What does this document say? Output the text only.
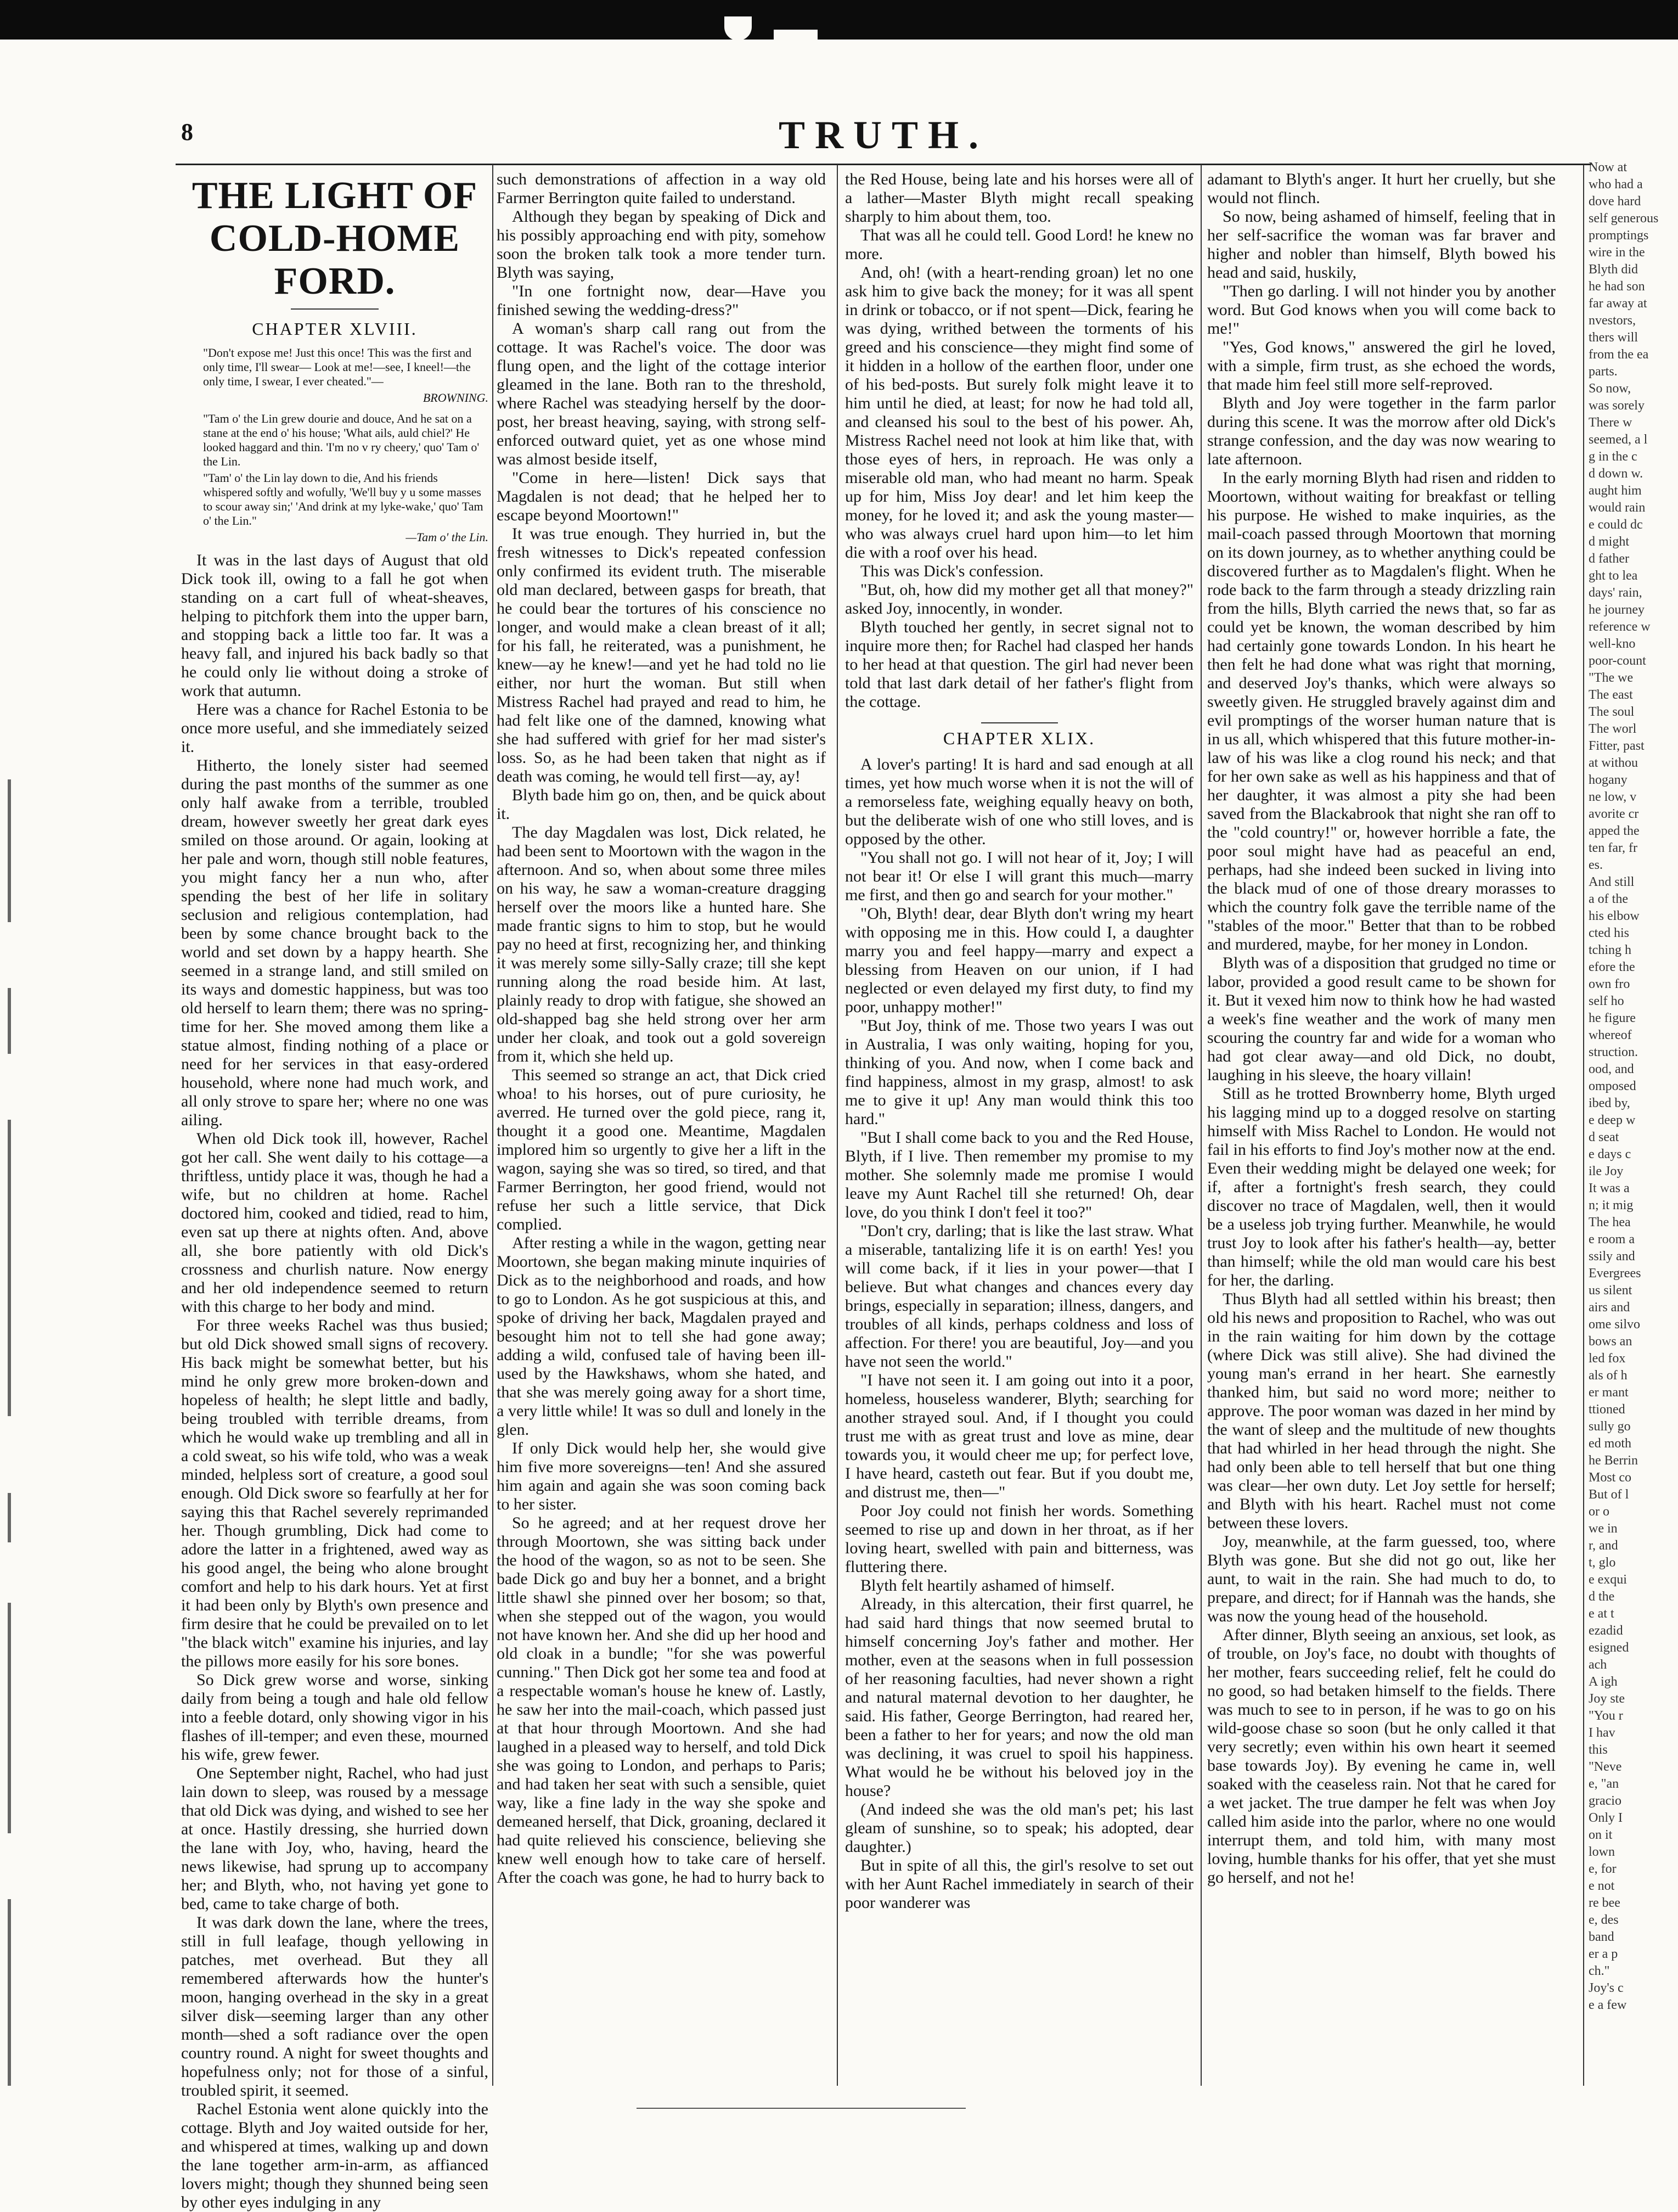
8	TRUTH.
THE LIGHT OF COLD-HOME FORD.
CHAPTER XLVIII.
"Don't expose me! Just this once! This was the first and only time, I'll swear— Look at me!—see, I kneel!—the only time, I swear, I ever cheated."—
BROWNING.
"Tam o' the Lin grew dourie and douce, And he sat on a stane at the end o' his house; 'What ails, auld chiel?' He looked haggard and thin. 'I'm no v ry cheery,' quo' Tam o' the Lin.
"Tam' o' the Lin lay down to die, And his friends whispered softly and wofully, 'We'll buy y u some masses to scour away sin;' 'And drink at my lyke-wake,' quo' Tam o' the Lin."
—Tam o' the Lin.

It was in the last days of August that old Dick took ill, owing to a fall he got when standing on a cart full of wheat-sheaves, helping to pitchfork them into the upper barn, and stopping back a little too far. It was a heavy fall, and injured his back badly so that he could only lie without doing a stroke of work that autumn.

Here was a chance for Rachel Estonia to be once more useful, and she immediately seized it.

Hitherto, the lonely sister had seemed during the past months of the summer as one only half awake from a terrible, troubled dream, however sweetly her great dark eyes smiled on those around. Or again, looking at her pale and worn, though still noble features, you might fancy her a nun who, after spending the best of her life in solitary seclusion and religious contemplation, had been by some chance brought back to the world and set down by a happy hearth. She seemed in a strange land, and still smiled on its ways and domestic happiness, but was too old herself to learn them; there was no spring-time for her. She moved among them like a statue almost, finding nothing of a place or need for her services in that easy-ordered household, where none had much work, and all only strove to spare her; where no one was ailing.

When old Dick took ill, however, Rachel got her call. She went daily to his cottage—a thriftless, untidy place it was, though he had a wife, but no children at home. Rachel doctored him, cooked and tidied, read to him, even sat up there at nights often. And, above all, she bore patiently with old Dick's crossness and churlish nature. Now energy and her old independence seemed to return with this charge to her body and mind.

For three weeks Rachel was thus busied; but old Dick showed small signs of recovery. His back might be somewhat better, but his mind he only grew more broken-down and hopeless of health; he slept little and badly, being troubled with terrible dreams, from which he would wake up trembling and all in a cold sweat, so his wife told, who was a weak minded, helpless sort of creature, a good soul enough. Old Dick swore so fearfully at her for saying this that Rachel severely reprimanded her. Though grumbling, Dick had come to adore the latter in a frightened, awed way as his good angel, the being who alone brought comfort and help to his dark hours. Yet at first it had been only by Blyth's own presence and firm desire that he could be prevailed on to let "the black witch" examine his injuries, and lay the pillows more easily for his sore bones.

So Dick grew worse and worse, sinking daily from being a tough and hale old fellow into a feeble dotard, only showing vigor in his flashes of ill-temper; and even these, mourned his wife, grew fewer.

One September night, Rachel, who had just lain down to sleep, was roused by a message that old Dick was dying, and wished to see her at once. Hastily dressing, she hurried down the lane with Joy, who, having, heard the news likewise, had sprung up to accompany her; and Blyth, who, not having yet gone to bed, came to take charge of both.

It was dark down the lane, where the trees, still in full leafage, though yellowing in patches, met overhead. But they all remembered afterwards how the hunter's moon, hanging overhead in the sky in a great silver disk—seeming larger than any other month—shed a soft radiance over the open country round. A night for sweet thoughts and hopefulness only; not for those of a sinful, troubled spirit, it seemed.

Rachel Estonia went alone quickly into the cottage. Blyth and Joy waited outside for her, and whispered at times, walking up and down the lane together arm-in-arm, as affianced lovers might; though they shunned being seen by other eyes indulging in any

such demonstrations of affection in a way old Farmer Berrington quite failed to understand.

Although they began by speaking of Dick and his possibly approaching end with pity, somehow soon the broken talk took a more tender turn. Blyth was saying,

"In one fortnight now, dear—Have you finished sewing the wedding-dress?"

A woman's sharp call rang out from the cottage. It was Rachel's voice. The door was flung open, and the light of the cottage interior gleamed in the lane. Both ran to the threshold, where Rachel was steadying herself by the door-post, her breast heaving, saying, with strong self-enforced outward quiet, yet as one whose mind was almost beside itself,

"Come in here—listen! Dick says that Magdalen is not dead; that he helped her to escape beyond Moortown!"

It was true enough. They hurried in, but the fresh witnesses to Dick's repeated confession only confirmed its evident truth. The miserable old man declared, between gasps for breath, that he could bear the tortures of his conscience no longer, and would make a clean breast of it all; for his fall, he reiterated, was a punishment, he knew—ay he knew!—and yet he had told no lie either, nor hurt the woman. But still when Mistress Rachel had prayed and read to him, he had felt like one of the damned, knowing what she had suffered with grief for her mad sister's loss. So, as he had been taken that night as if death was coming, he would tell first—ay, ay!

Blyth bade him go on, then, and be quick about it.

The day Magdalen was lost, Dick related, he had been sent to Moortown with the wagon in the afternoon. And so, when about some three miles on his way, he saw a woman-creature dragging herself over the moors like a hunted hare. She made frantic signs to him to stop, but he would pay no heed at first, recognizing her, and thinking it was merely some silly-Sally craze; till she kept running along the road beside him. At last, plainly ready to drop with fatigue, she showed an old-shapped bag she held strong over her arm under her cloak, and took out a gold sovereign from it, which she held up.

This seemed so strange an act, that Dick cried whoa! to his horses, out of pure curiosity, he averred. He turned over the gold piece, rang it, thought it a good one. Meantime, Magdalen implored him so urgently to give her a lift in the wagon, saying she was so tired, so tired, and that Farmer Berrington, her good friend, would not refuse her such a little service, that Dick complied.

After resting a while in the wagon, getting near Moortown, she began making minute inquiries of Dick as to the neighborhood and roads, and how to go to London. As he got suspicious at this, and spoke of driving her back, Magdalen prayed and besought him not to tell she had gone away; adding a wild, confused tale of having been ill-used by the Hawkshaws, whom she hated, and that she was merely going away for a short time, a very little while! It was so dull and lonely in the glen.

If only Dick would help her, she would give him five more sovereigns—ten! And she assured him again and again she was soon coming back to her sister.

So he agreed; and at her request drove her through Moortown, she was sitting back under the hood of the wagon, so as not to be seen. She bade Dick go and buy her a bonnet, and a bright little shawl she pinned over her bosom; so that, when she stepped out of the wagon, you would not have known her. And she did up her hood and old cloak in a bundle; "for she was powerful cunning." Then Dick got her some tea and food at a respectable woman's house he knew of. Lastly, he saw her into the mail-coach, which passed just at that hour through Moortown. And she had laughed in a pleased way to herself, and told Dick she was going to London, and perhaps to Paris; and had taken her seat with such a sensible, quiet way, like a fine lady in the way she spoke and demeaned herself, that Dick, groaning, declared it had quite relieved his conscience, believing she knew well enough how to take care of herself. After the coach was gone, he had to hurry back to

the Red House, being late and his horses were all of a lather—Master Blyth might recall speaking sharply to him about them, too.

That was all he could tell. Good Lord! he knew no more.

And, oh! (with a heart-rending groan) let no one ask him to give back the money; for it was all spent in drink or tobacco, or if not spent—Dick, fearing he was dying, writhed between the torments of his greed and his conscience—they might find some of it hidden in a hollow of the earthen floor, under one of his bed-posts. But surely folk might leave it to him until he died, at least; for now he had told all, and cleansed his soul to the best of his power. Ah, Mistress Rachel need not look at him like that, with those eyes of hers, in reproach. He was only a miserable old man, who had meant no harm. Speak up for him, Miss Joy dear! and let him keep the money, for he loved it; and ask the young master—who was always cruel hard upon him—to let him die with a roof over his head.

This was Dick's confession.

"But, oh, how did my mother get all that money?" asked Joy, innocently, in wonder.

Blyth touched her gently, in secret signal not to inquire more then; for Rachel had clasped her hands to her head at that question. The girl had never been told that last dark detail of her father's flight from the cottage.

CHAPTER XLIX.

A lover's parting! It is hard and sad enough at all times, yet how much worse when it is not the will of a remorseless fate, weighing equally heavy on both, but the deliberate wish of one who still loves, and is opposed by the other.

"You shall not go. I will not hear of it, Joy; I will not bear it! Or else I will grant this much—marry me first, and then go and search for your mother."

"Oh, Blyth! dear, dear Blyth don't wring my heart with opposing me in this. How could I, a daughter marry you and feel happy—marry and expect a blessing from Heaven on our union, if I had neglected or even delayed my first duty, to find my poor, unhappy mother!"

"But Joy, think of me. Those two years I was out in Australia, I was only waiting, hoping for you, thinking of you. And now, when I come back and find happiness, almost in my grasp, almost! to ask me to give it up! Any man would think this too hard."

"But I shall come back to you and the Red House, Blyth, if I live. Then remember my promise to my mother. She solemnly made me promise I would leave my Aunt Rachel till she returned! Oh, dear love, do you think I don't feel it too?"

"Don't cry, darling; that is like the last straw. What a miserable, tantalizing life it is on earth! Yes! you will come back, if it lies in your power—that I believe. But what changes and chances every day brings, especially in separation; illness, dangers, and troubles of all kinds, perhaps coldness and loss of affection. For there! you are beautiful, Joy—and you have not seen the world."

"I have not seen it. I am going out into it a poor, homeless, houseless wanderer, Blyth; searching for another strayed soul. And, if I thought you could trust me with as great trust and love as mine, dear towards you, it would cheer me up; for perfect love, I have heard, casteth out fear. But if you doubt me, and distrust me, then—"

Poor Joy could not finish her words. Something seemed to rise up and down in her throat, as if her loving heart, swelled with pain and bitterness, was fluttering there.

Blyth felt heartily ashamed of himself.

Already, in this altercation, their first quarrel, he had said hard things that now seemed brutal to himself concerning Joy's father and mother. Her mother, even at the seasons when in full possession of her reasoning faculties, had never shown a right and natural maternal devotion to her daughter, he said. His father, George Berrington, had reared her, been a father to her for years; and now the old man was declining, it was cruel to spoil his happiness. What would he be without his beloved joy in the house?

(And indeed she was the old man's pet; his last gleam of sunshine, so to speak; his adopted, dear daughter.)

But in spite of all this, the girl's resolve to set out with her Aunt Rachel immediately in search of their poor wanderer was

adamant to Blyth's anger. It hurt her cruelly, but she would not flinch.

So now, being ashamed of himself, feeling that in her self-sacrifice the woman was far braver and higher and nobler than himself, Blyth bowed his head and said, huskily,

"Then go darling. I will not hinder you by another word. But God knows when you will come back to me!"

"Yes, God knows," answered the girl he loved, with a simple, firm trust, as she echoed the words, that made him feel still more self-reproved.

Blyth and Joy were together in the farm parlor during this scene. It was the morrow after old Dick's strange confession, and the day was now wearing to late afternoon.

In the early morning Blyth had risen and ridden to Moortown, without waiting for breakfast or telling his purpose. He wished to make inquiries, as the mail-coach passed through Moortown that morning on its down journey, as to whether anything could be discovered further as to Magdalen's flight. When he rode back to the farm through a steady drizzling rain from the hills, Blyth carried the news that, so far as could yet be known, the woman described by him had certainly gone towards London. In his heart he then felt he had done what was right that morning, and deserved Joy's thanks, which were always so sweetly given. He struggled bravely against dim and evil promptings of the worser human nature that is in us all, which whispered that this future mother-in-law of his was like a clog round his neck; and that for her own sake as well as his happiness and that of her daughter, it was almost a pity she had been saved from the Blackabrook that night she ran off to the "cold country!" or, however horrible a fate, the poor soul might have had as peaceful an end, perhaps, had she indeed been sucked in living into the black mud of one of those dreary morasses to which the country folk gave the terrible name of the "stables of the moor." Better that than to be robbed and murdered, maybe, for her money in London.

Blyth was of a disposition that grudged no time or labor, provided a good result came to be shown for it. But it vexed him now to think how he had wasted a week's fine weather and the work of many men scouring the country far and wide for a woman who had got clear away—and old Dick, no doubt, laughing in his sleeve, the hoary villain!

Still as he trotted Brownberry home, Blyth urged his lagging mind up to a dogged resolve on starting himself with Miss Rachel to London. He would not fail in his efforts to find Joy's mother now at the end. Even their wedding might be delayed one week; for if, after a fortnight's fresh search, they could discover no trace of Magdalen, well, then it would be a useless job trying further. Meanwhile, he would trust Joy to look after his father's health—ay, better than himself; while the old man would care his best for her, the darling.

Thus Blyth had all settled within his breast; then old his news and proposition to Rachel, who was out in the rain waiting for him down by the cottage (where Dick was still alive). She had divined the young man's errand in her heart. She earnestly thanked him, but said no word more; neither to approve. The poor woman was dazed in her mind by the want of sleep and the multitude of new thoughts that had whirled in her head through the night. She had only been able to tell herself that but one thing was clear—her own duty. Let Joy settle for herself; and Blyth with his heart. Rachel must not come between these lovers.

Joy, meanwhile, at the farm guessed, too, where Blyth was gone. But she did not go out, like her aunt, to wait in the rain. She had much to do, to prepare, and direct; for if Hannah was the hands, she was now the young head of the household.

After dinner, Blyth seeing an anxious, set look, as of trouble, on Joy's face, no doubt with thoughts of her mother, fears succeeding relief, felt he could do no good, so had betaken himself to the fields. There was much to see to in person, if he was to go on his wild-goose chase so soon (but he only called it that very secretly; even within his own heart it seemed base towards Joy). By evening he came in, well soaked with the ceaseless rain. Not that he cared for a wet jacket. The true damper he felt was when Joy called him aside into the parlor, where no one would interrupt them, and told him, with many most loving, humble thanks for his offer, that yet she must go herself, and not he!

Now at
who had a
dove hard
self generous
promptings
wire in the
Blyth did
he had son
far away at
nvestors,
thers will
from the ea
parts.
So now,
was sorely
There w
seemed, a l
g in the c
d down w.
aught him
would rain
e could dc
d might
d father
ght to lea
days' rain,
he journey
reference w
well-kno
poor-count
"The we
The east
The soul
The worl
Fitter, past
at withou
hogany
ne low, v
avorite cr
apped the
ten far, fr
es.
And still
a of the
his elbow
cted his
tching h
efore the
own fro
self ho
he figure
whereof
struction.
ood, and
omposed
ibed by,
e deep w
d seat
e days c
ile Joy
It was a
n; it mig
The hea
e room a
ssily and
Evergrees
us silent
airs and
ome silvo
bows an
led fox
als of h
er mant
ttioned
sully go
ed moth
he Berrin
Most co
But of l
or o
we in
r, and
t, glo
e exqui
d the
e at t
ezadid
esigned
ach
A igh
Joy ste
"You r
I hav
this
"Neve
e, "an
gracio
Only I
on it
lown
e, for
e not
re bee
e, des
band
er a p
ch."
Joy's c
e a few
